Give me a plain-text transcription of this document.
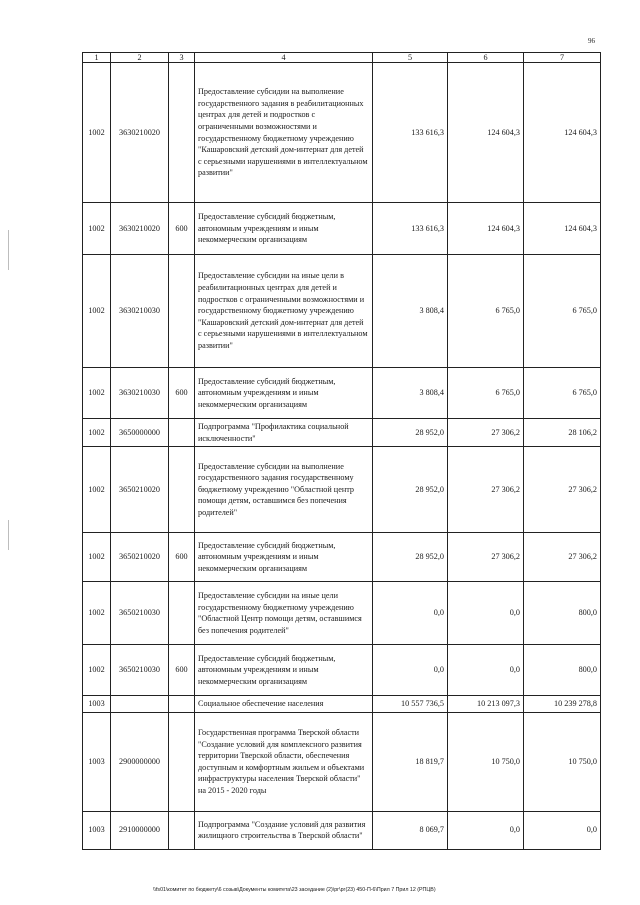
96
1	2	3	4	5	6	7
1002	3630210020		Предоставление субсидии на выполнение государственного задания в реабилитационных центрах для детей и подростков с ограниченными возможностями и государственному бюджетному учреждению "Кашаровский детский дом-интернат для детей с серьезными нарушениями в интеллектуальном развитии"	133 616,3	124 604,3	124 604,3
1002	3630210020	600	Предоставление субсидий бюджетным, автономным учреждениям и иным некоммерческим организациям	133 616,3	124 604,3	124 604,3
1002	3630210030		Предоставление субсидии на иные цели в реабилитационных центрах для детей и подростков с ограниченными возможностями и государственному бюджетному учреждению "Кашаровский детский дом-интернат для детей с серьезными нарушениями в интеллектуальном развитии"	3 808,4	6 765,0	6 765,0
1002	3630210030	600	Предоставление субсидий бюджетным, автономным учреждениям и иным некоммерческим организациям	3 808,4	6 765,0	6 765,0
1002	3650000000		Подпрограмма "Профилактика социальной исключенности"	28 952,0	27 306,2	28 106,2
1002	3650210020		Предоставление субсидии на выполнение государственного задания государственному бюджетному учреждению "Областной центр помощи детям, оставшимся без попечения родителей"	28 952,0	27 306,2	27 306,2
1002	3650210020	600	Предоставление субсидий бюджетным, автономным учреждениям и иным некоммерческим организациям	28 952,0	27 306,2	27 306,2
1002	3650210030		Предоставление субсидии на иные цели государственному бюджетному учреждению "Областной Центр помощи детям, оставшимся без попечения родителей"	0,0	0,0	800,0
1002	3650210030	600	Предоставление субсидий бюджетным, автономным учреждениям и иным некоммерческим организациям	0,0	0,0	800,0
1003			Социальное обеспечение населения	10 557 736,5	10 213 097,3	10 239 278,8
1003	2900000000		Государственная программа Тверской области "Создание условий для комплексного развития территории Тверской области, обеспечения доступным и комфортным жильем и объектами инфраструктуры населения Тверской области" на 2015 - 2020 годы	18 819,7	10 750,0	10 750,0
1003	2910000000		Подпрограмма "Создание условий для развития жилищного строительства в Тверской области"	8 069,7	0,0	0,0
\\fs01\комитет по бюджету\6 созыв\Документы комитета\23 заседание (2)\рг\рг(23) 450-П-6\Прил 7 Прил 12 (РПЦВ)
